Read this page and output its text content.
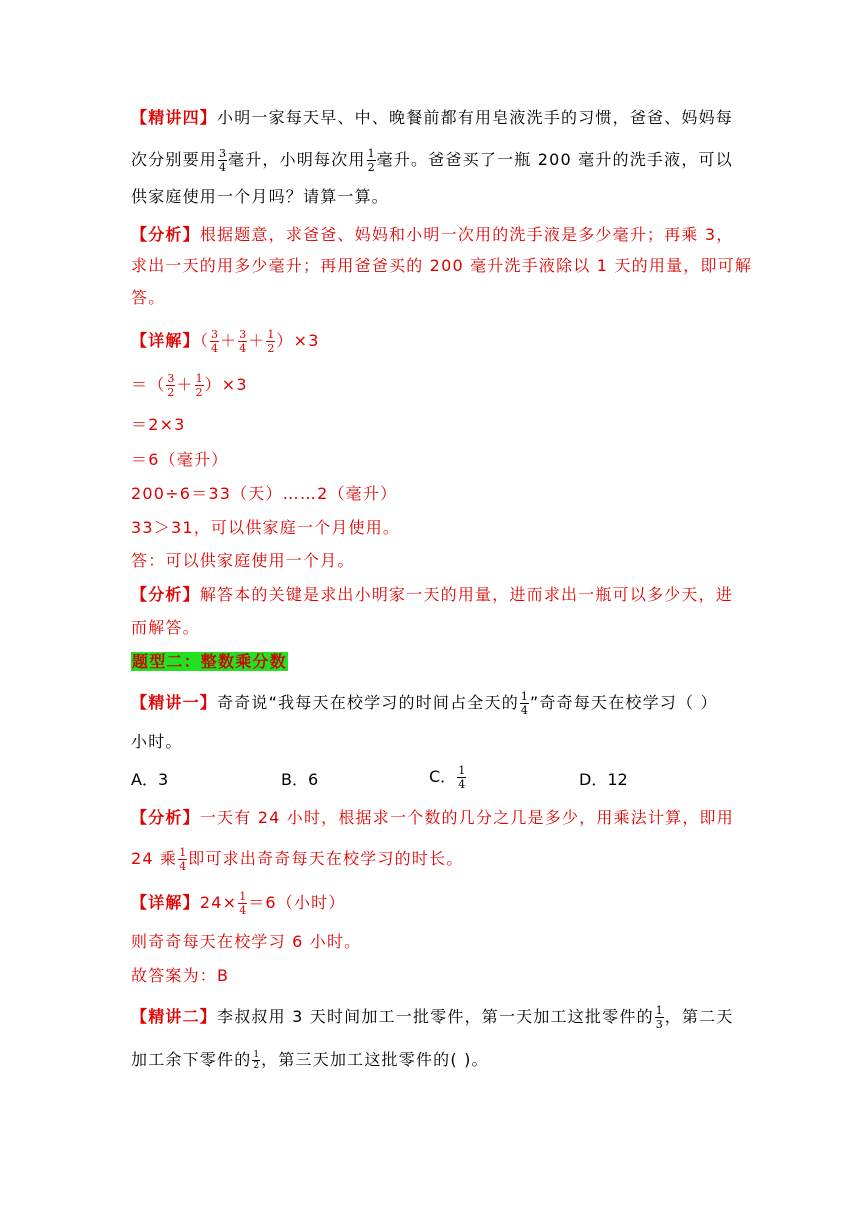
【精讲四】小明一家每天早、中、晚餐前都有用皂液洗手的习惯，爸爸、妈妈每
次分别要用 $\frac{3}{4}$ 毫升，小明每次用 $\frac{1}{2}$ 毫升。爸爸买了一瓶 200 毫升的洗手液，可以
供家庭使用一个月吗？请算一算。
【分析】根据题意，求爸爸、妈妈和小明一次用的洗手液是多少毫升；再乘 3，
求出一天的用多少毫升；再用爸爸买的 200 毫升洗手液除以 1 天的用量，即可解
答。
【详解】（ $\frac{3}{4} + \frac{3}{4} + \frac{1}{2} )\times 3$
＝（ $\frac{3}{2} + \frac{1}{2} )\times 3$
＝2×3
＝6（毫升）
200÷6＝33（天）……2（毫升）
33＞31，可以供家庭一个月使用。
答：可以供家庭使用一个月。
【分析】解答本的关键是求出小明家一天的用量，进而求出一瓶可以多少天，进
而解答。
题型二：整数乘分数
【精讲一】奇奇说“我每天在校学习的时间占全天的 $\frac{1}{4}$ ”奇奇每天在校学习（ ）
小时。
A．3	B．6	C． $\frac{1}{4}$	D．12
【分析】一天有 24 小时，根据求一个数的几分之几是多少，用乘法计算，即用
24 乘 $\frac{1}{4}$ 即可求出奇奇每天在校学习的时长。
【详解】$24\times \frac{1}{4} =6$（小时）
则奇奇每天在校学习 6 小时。
故答案为：B
【精讲二】李叔叔用 3 天时间加工一批零件，第一天加工这批零件的 $\frac{1}{3}$ ，第二天
加工余下零件的 $\frac{1}{2}$ ，第三天加工这批零件的( )。
